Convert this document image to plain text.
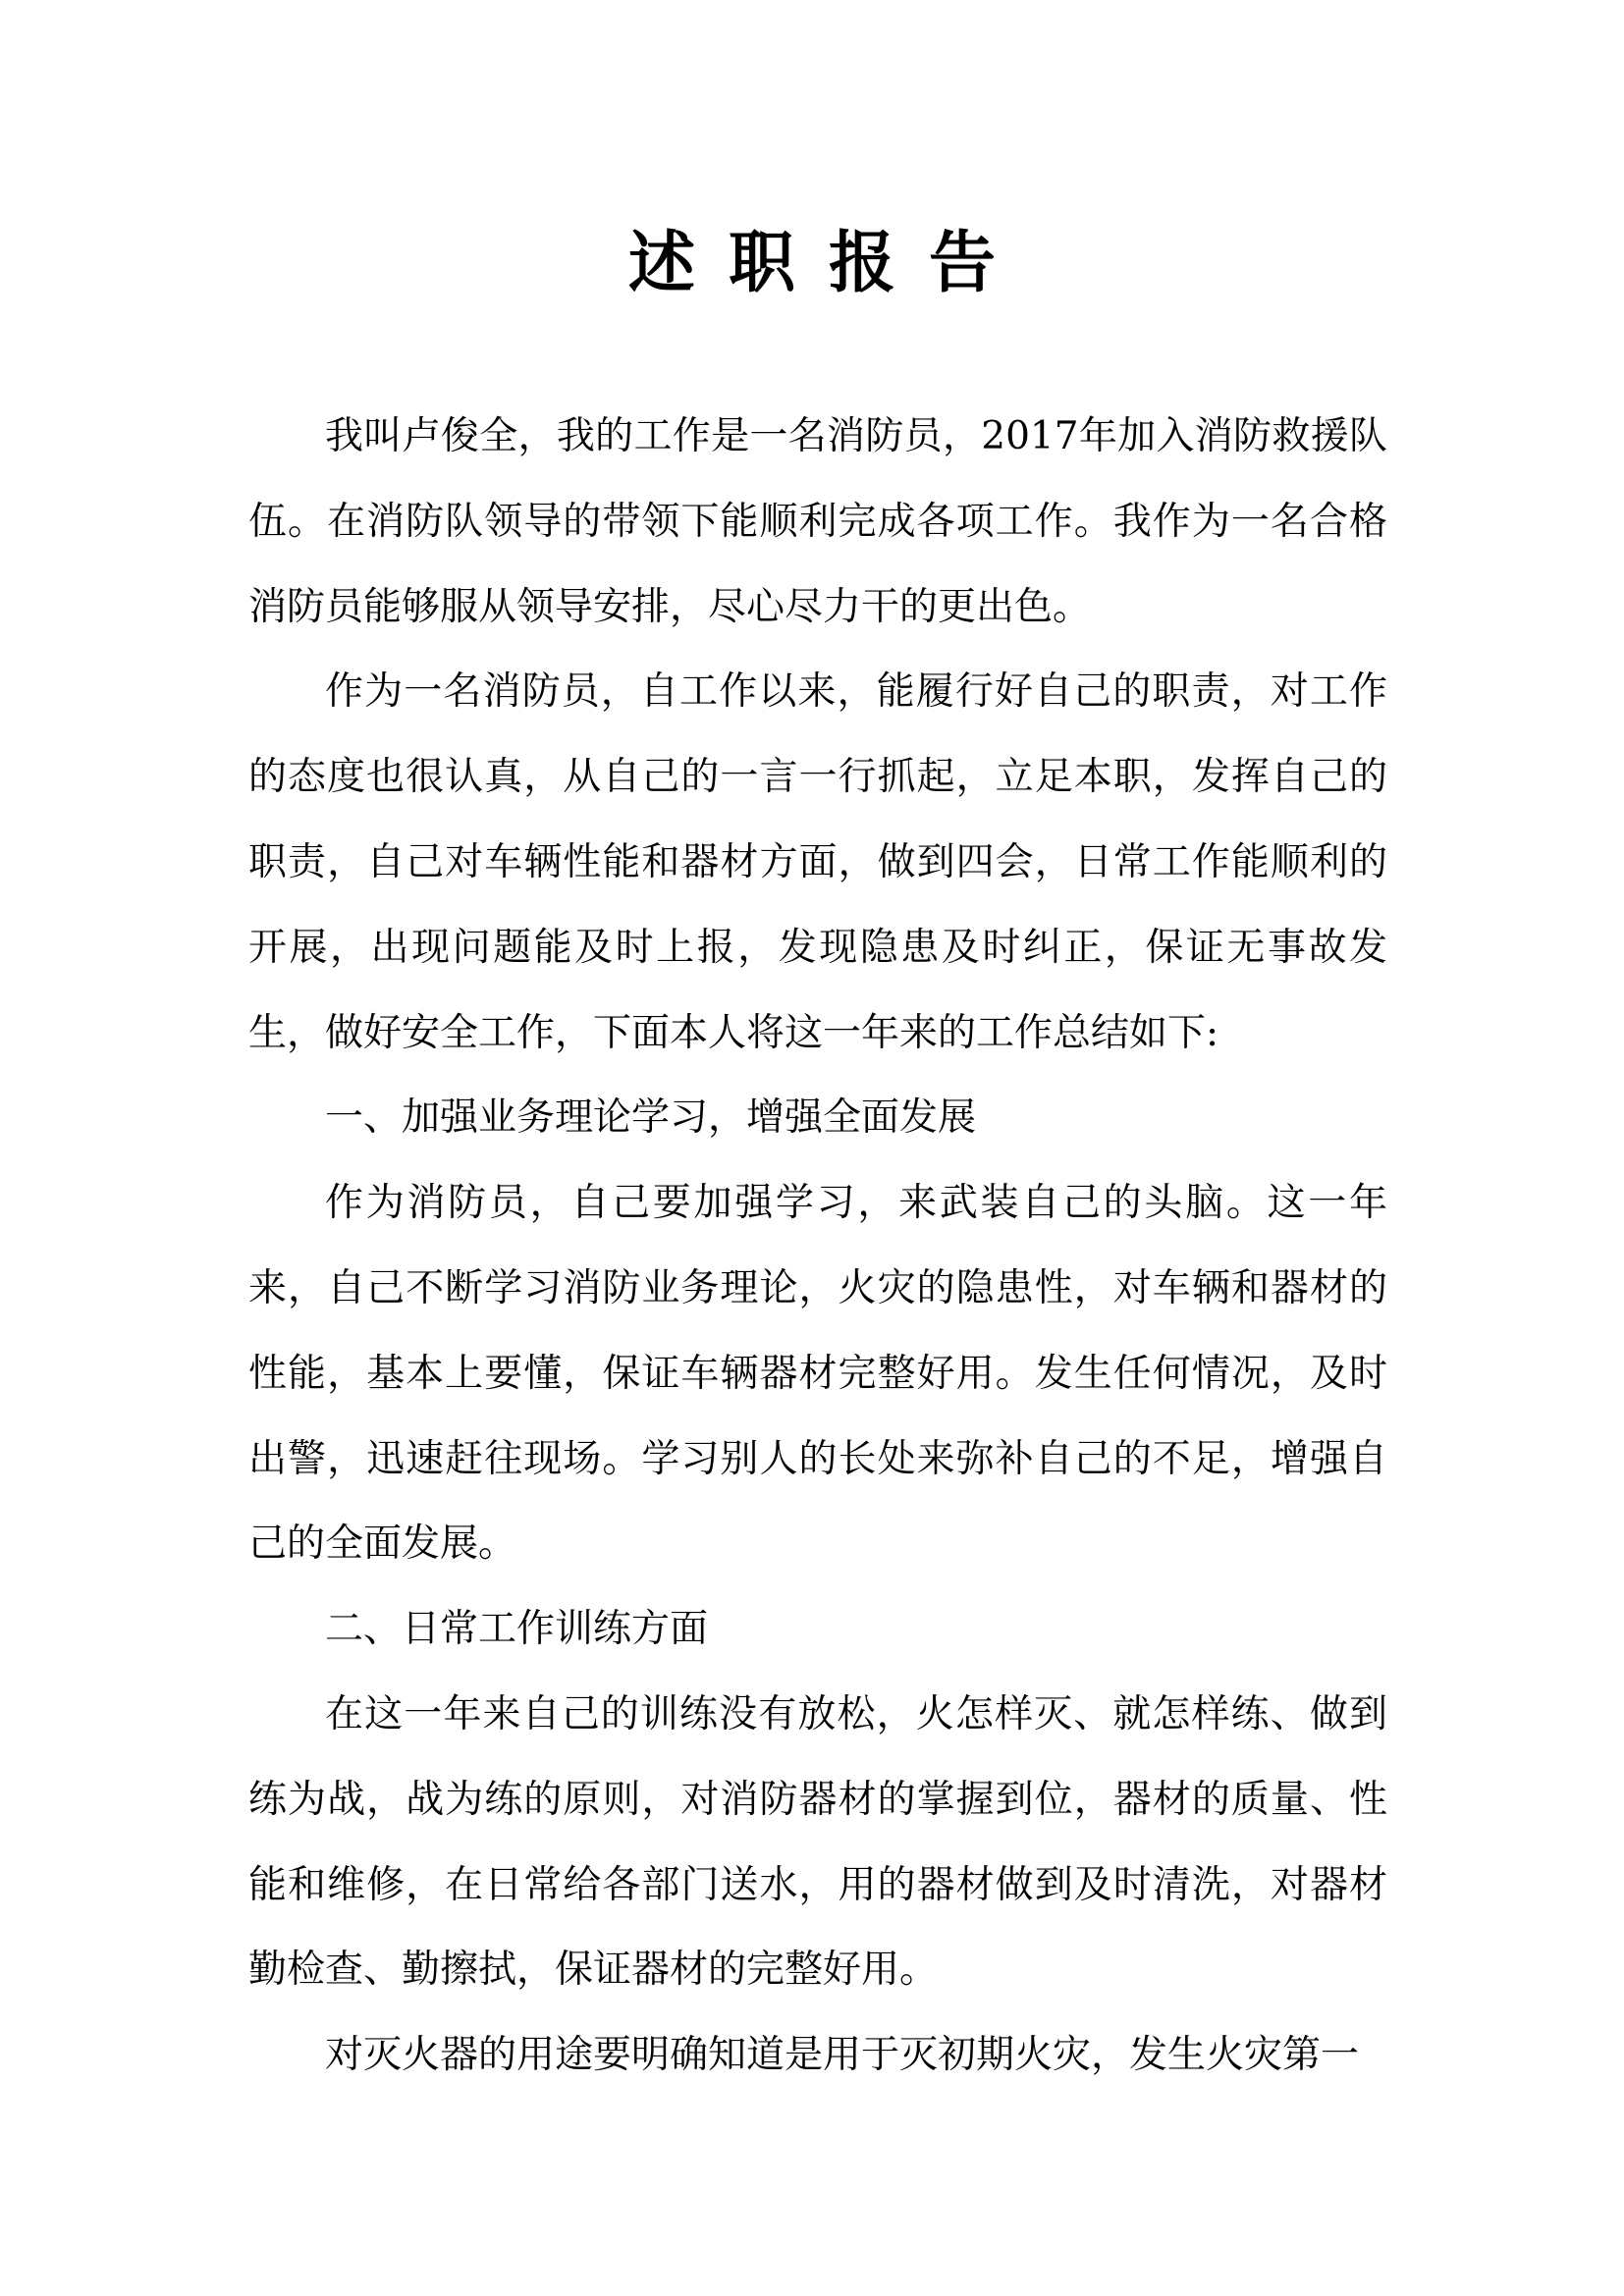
述职报告

我叫卢俊全，我的工作是一名消防员，2017年加入消防救援队伍。在消防队领导的带领下能顺利完成各项工作。我作为一名合格消防员能够服从领导安排，尽心尽力干的更出色。

作为一名消防员，自工作以来，能履行好自己的职责，对工作的态度也很认真，从自己的一言一行抓起，立足本职，发挥自己的职责，自己对车辆性能和器材方面，做到四会，日常工作能顺利的开展，出现问题能及时上报，发现隐患及时纠正，保证无事故发生，做好安全工作，下面本人将这一年来的工作总结如下:

一、加强业务理论学习，增强全面发展

作为消防员，自己要加强学习，来武装自己的头脑。这一年来，自己不断学习消防业务理论，火灾的隐患性，对车辆和器材的性能，基本上要懂，保证车辆器材完整好用。发生任何情况，及时出警，迅速赶往现场。学习别人的长处来弥补自己的不足，增强自己的全面发展。

二、日常工作训练方面

在这一年来自己的训练没有放松，火怎样灭、就怎样练、做到练为战，战为练的原则，对消防器材的掌握到位，器材的质量、性能和维修，在日常给各部门送水，用的器材做到及时清洗，对器材勤检查、勤擦拭，保证器材的完整好用。

对灭火器的用途要明确知道是用于灭初期火灾，发生火灾第一
